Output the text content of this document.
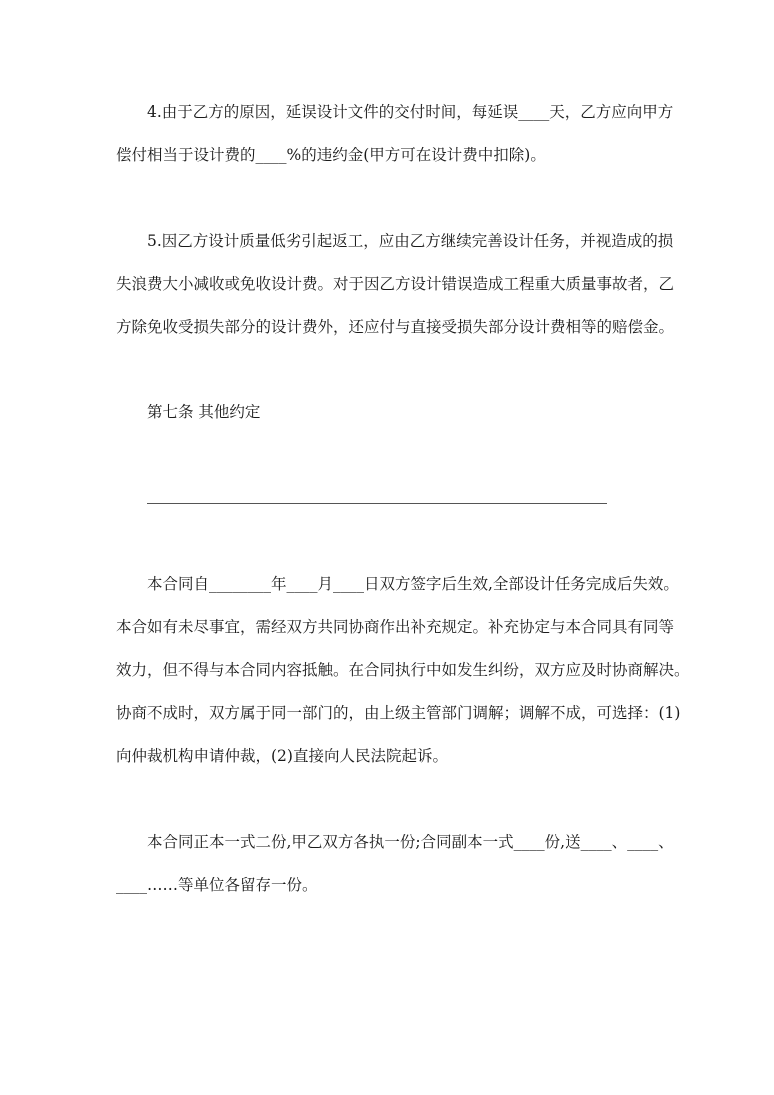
4.由于乙方的原因，延误设计文件的交付时间，每延误____天，乙方应向甲方
偿付相当于设计费的____%的违约金(甲方可在设计费中扣除)。
5.因乙方设计质量低劣引起返工，应由乙方继续完善设计任务，并视造成的损
失浪费大小减收或免收设计费。对于因乙方设计错误造成工程重大质量事故者，乙
方除免收受损失部分的设计费外，还应付与直接受损失部分设计费相等的赔偿金。
第七条 其他约定
本合同自________年____月____日双方签字后生效,全部设计任务完成后失效。
本合如有未尽事宜，需经双方共同协商作出补充规定。补充协定与本合同具有同等
效力，但不得与本合同内容抵触。在合同执行中如发生纠纷，双方应及时协商解决。
协商不成时，双方属于同一部门的，由上级主管部门调解；调解不成，可选择：(1)
向仲裁机构申请仲裁，(2)直接向人民法院起诉。
本合同正本一式二份,甲乙双方各执一份;合同副本一式____份,送____、____、
____……等单位各留存一份。
